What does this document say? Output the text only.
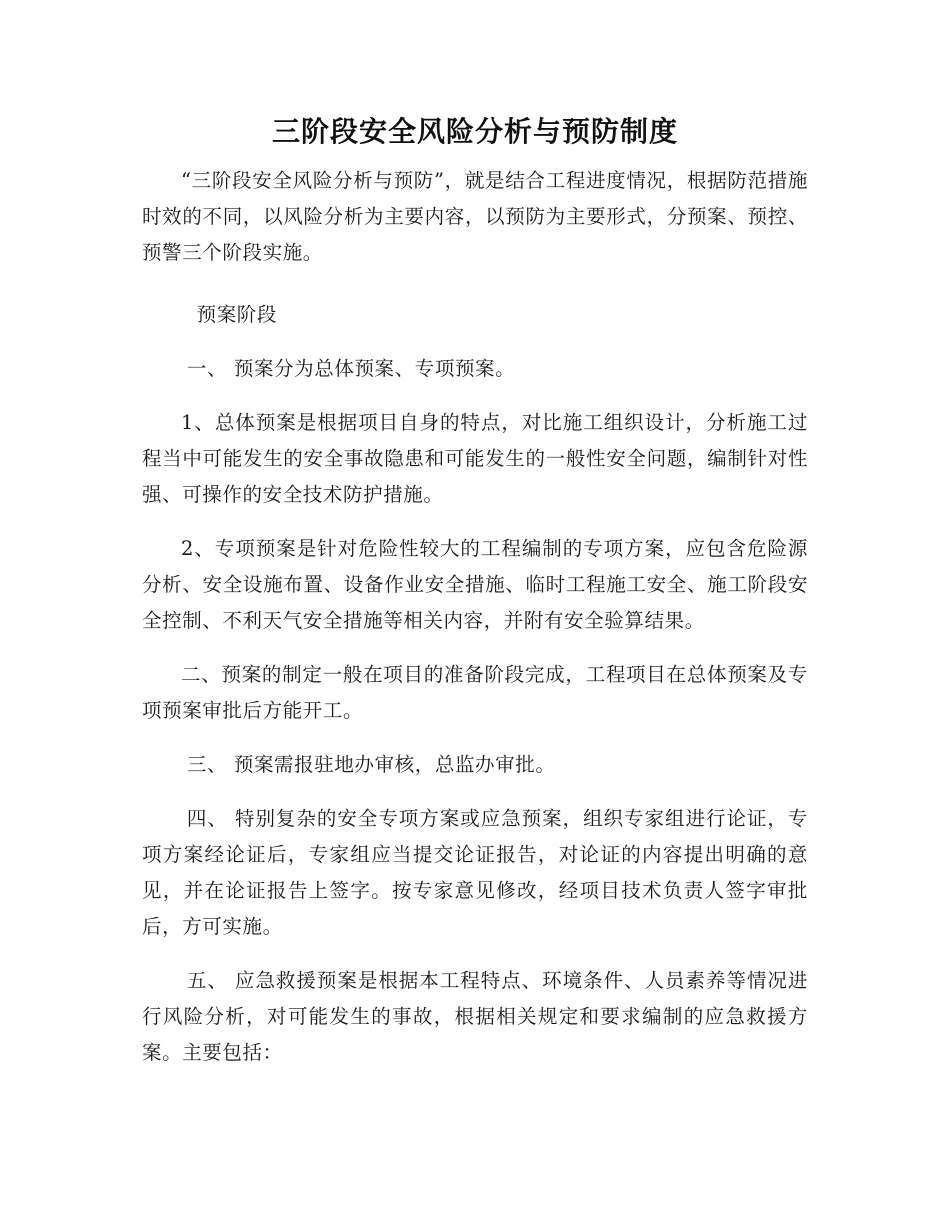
三阶段安全风险分析与预防制度

“三阶段安全风险分析与预防”，就是结合工程进度情况，根据防范措施时效的不同，以风险分析为主要内容，以预防为主要形式，分预案、预控、预警三个阶段实施。

预案阶段

一、 预案分为总体预案、专项预案。

1、总体预案是根据项目自身的特点，对比施工组织设计，分析施工过程当中可能发生的安全事故隐患和可能发生的一般性安全问题，编制针对性强、可操作的安全技术防护措施。

2、专项预案是针对危险性较大的工程编制的专项方案，应包含危险源分析、安全设施布置、设备作业安全措施、临时工程施工安全、施工阶段安全控制、不利天气安全措施等相关内容，并附有安全验算结果。

二、预案的制定一般在项目的准备阶段完成，工程项目在总体预案及专项预案审批后方能开工。

三、 预案需报驻地办审核，总监办审批。

四、 特别复杂的安全专项方案或应急预案，组织专家组进行论证，专项方案经论证后，专家组应当提交论证报告，对论证的内容提出明确的意见，并在论证报告上签字。按专家意见修改，经项目技术负责人签字审批后，方可实施。

五、 应急救援预案是根据本工程特点、环境条件、人员素养等情况进行风险分析，对可能发生的事故，根据相关规定和要求编制的应急救援方案。主要包括：
